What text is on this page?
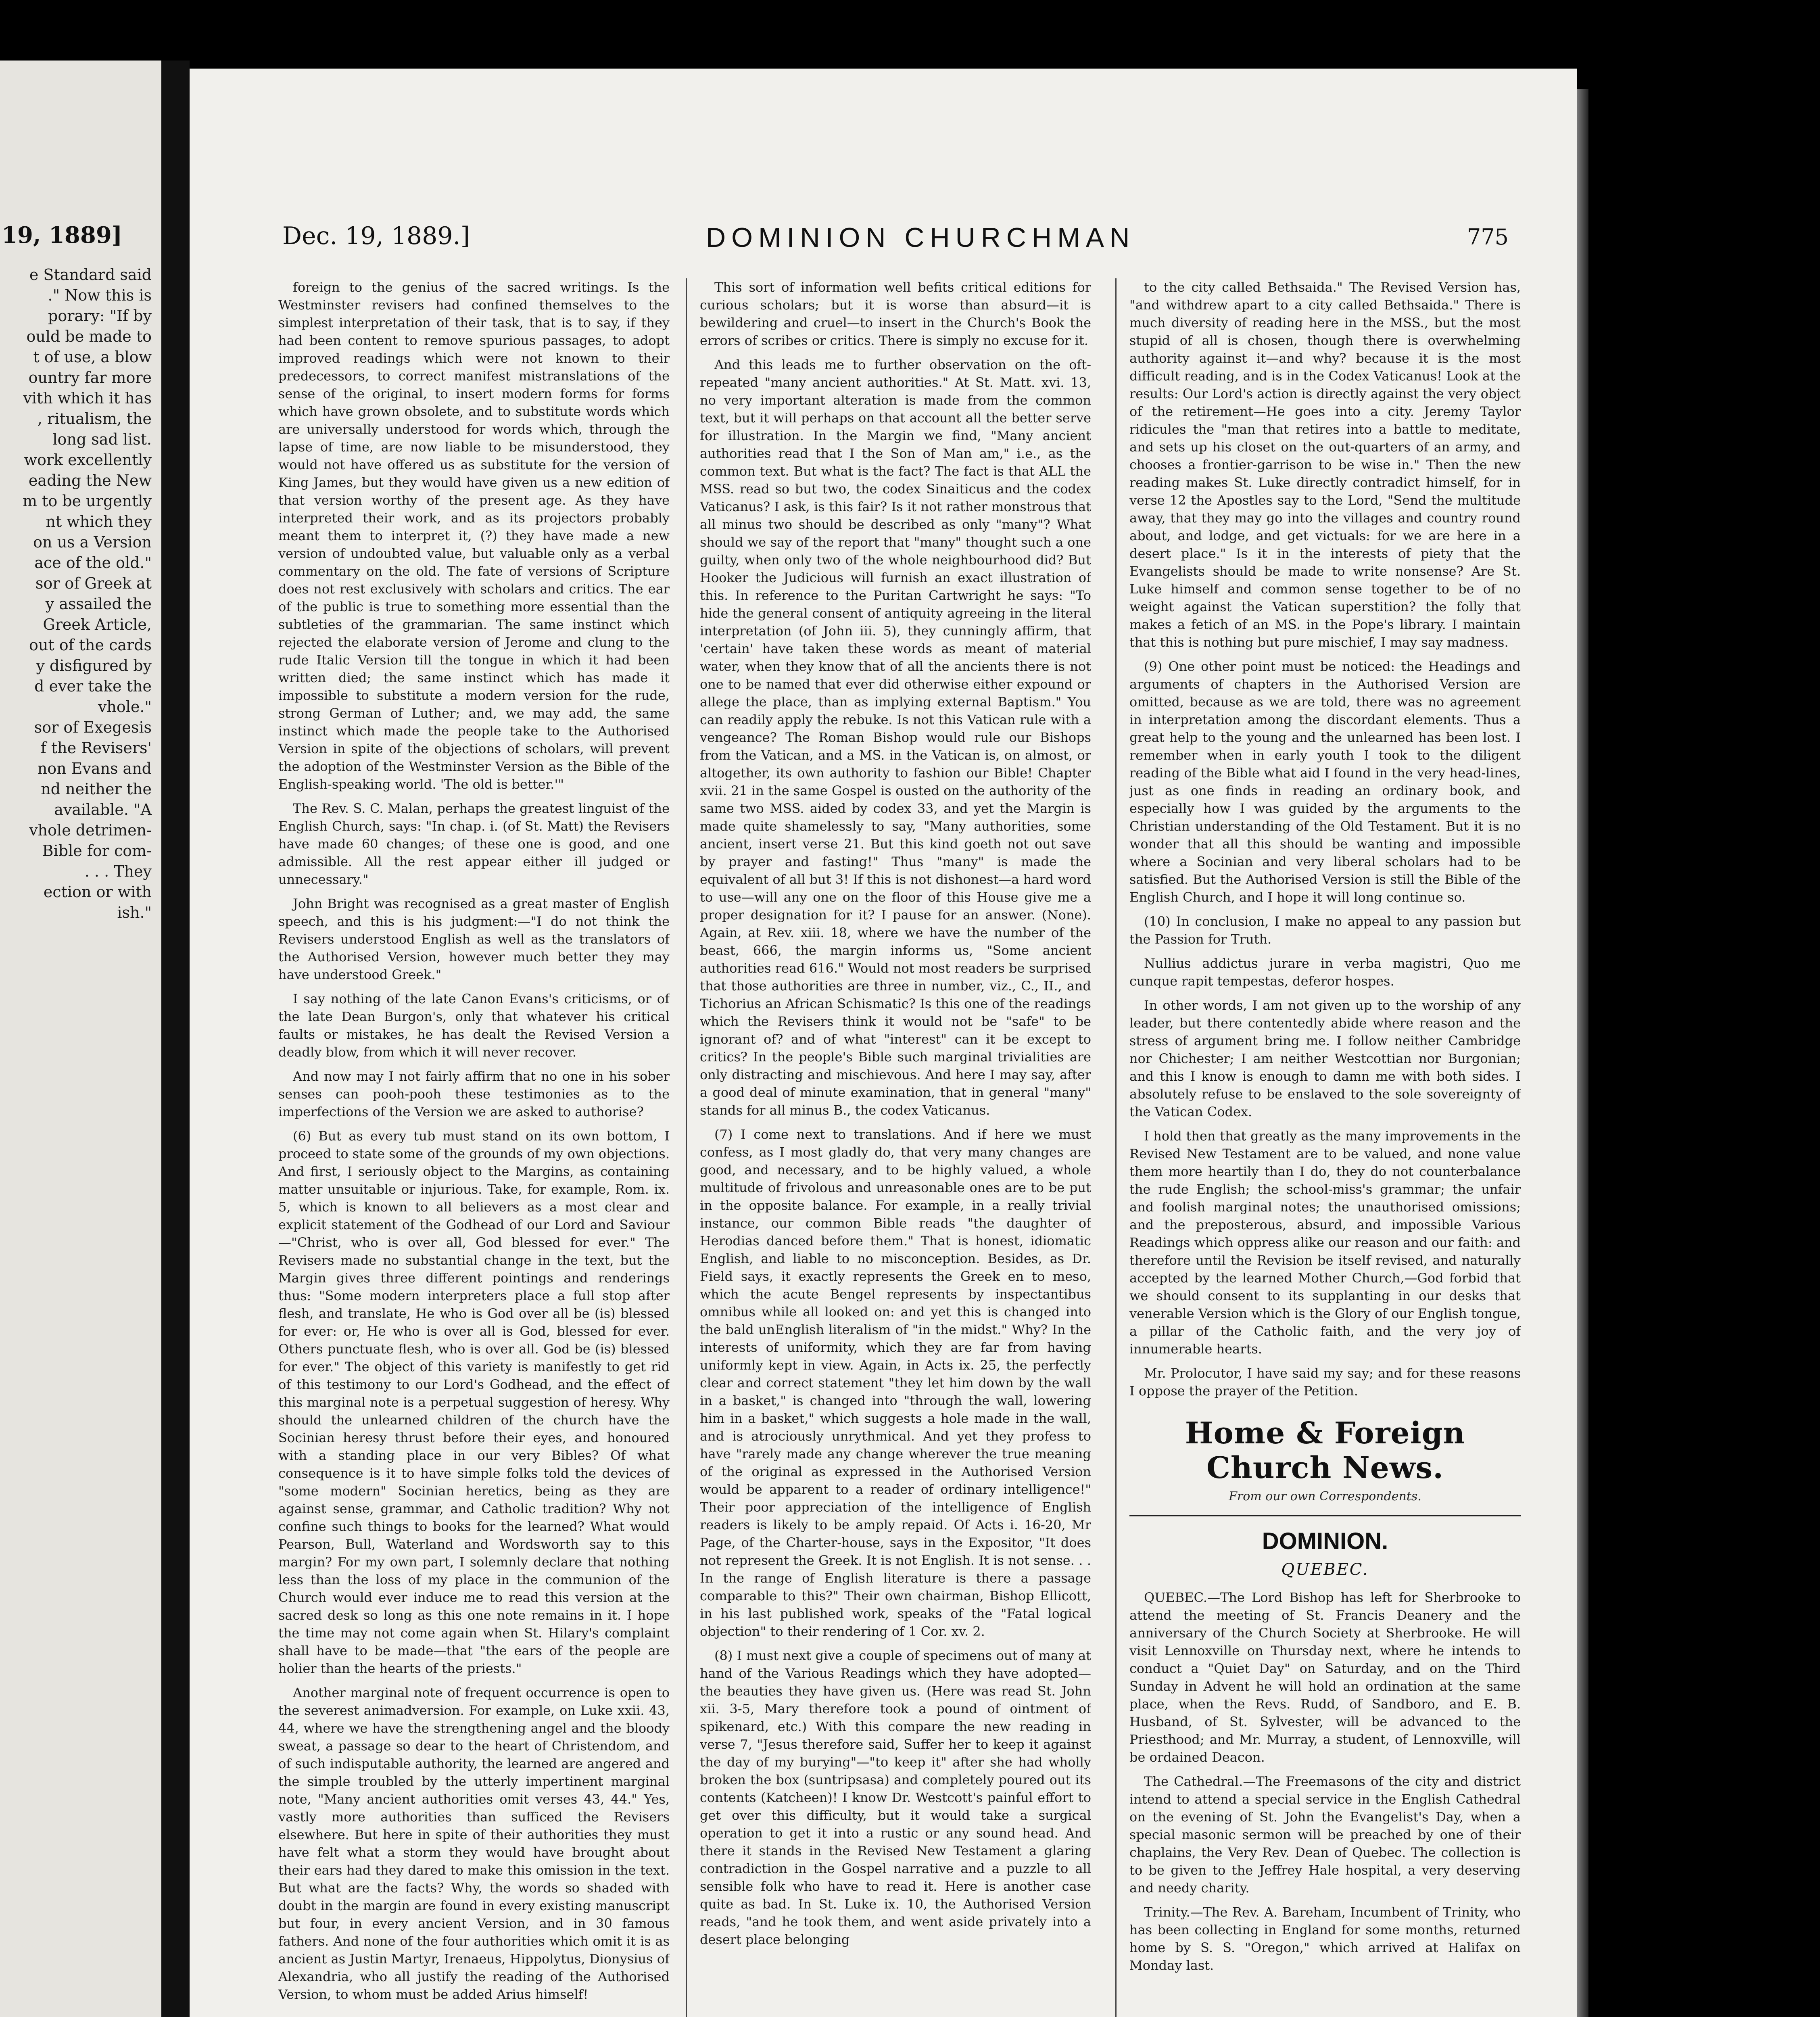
19, 1889]
e Standard said
." Now this is
porary: "If by
ould be made to
t of use, a blow
ountry far more
vith which it has
, ritualism, the
long sad list.
work excellently
eading the New
m to be urgently
nt which they
on us a Version
ace of the old."
sor of Greek at
y assailed the
Greek Article,
out of the cards
y disfigured by
d ever take the
vhole."
sor of Exegesis
f the Revisers'
non Evans and
nd neither the
available. "A
vhole detrimen-
Bible for com-
. . . They
ection or with
ish."
Dec. 19, 1889.]	DOMINION CHURCHMAN	775

foreign to the genius of the sacred writings. Is the Westminster revisers had confined themselves to the simplest interpretation of their task, that is to say, if they had been content to remove spurious passages, to adopt improved readings which were not known to their predecessors, to correct manifest mistranslations of the sense of the original, to insert modern forms for forms which have grown obsolete, and to substitute words which are universally understood for words which, through the lapse of time, are now liable to be misunderstood, they would not have offered us as substitute for the version of King James, but they would have given us a new edition of that version worthy of the present age. As they have interpreted their work, and as its projectors probably meant them to interpret it, (?) they have made a new version of undoubted value, but valuable only as a verbal commentary on the old. The fate of versions of Scripture does not rest exclusively with scholars and critics. The ear of the public is true to something more essential than the subtleties of the grammarian. The same instinct which rejected the elaborate version of Jerome and clung to the rude Italic Version till the tongue in which it had been written died; the same instinct which has made it impossible to substitute a modern version for the rude, strong German of Luther; and, we may add, the same instinct which made the people take to the Authorised Version in spite of the objections of scholars, will prevent the adoption of the Westminster Version as the Bible of the English-speaking world. 'The old is better.'"

The Rev. S. C. Malan, perhaps the greatest linguist of the English Church, says: "In chap. i. (of St. Matt) the Revisers have made 60 changes; of these one is good, and one admissible. All the rest appear either ill judged or unnecessary."

John Bright was recognised as a great master of English speech, and this is his judgment:—"I do not think the Revisers understood English as well as the translators of the Authorised Version, however much better they may have understood Greek."

I say nothing of the late Canon Evans's criticisms, or of the late Dean Burgon's, only that whatever his critical faults or mistakes, he has dealt the Revised Version a deadly blow, from which it will never recover.

And now may I not fairly affirm that no one in his sober senses can pooh-pooh these testimonies as to the imperfections of the Version we are asked to authorise?

(6) But as every tub must stand on its own bottom, I proceed to state some of the grounds of my own objections. And first, I seriously object to the Margins, as containing matter unsuitable or injurious. Take, for example, Rom. ix. 5, which is known to all believers as a most clear and explicit statement of the Godhead of our Lord and Saviour—"Christ, who is over all, God blessed for ever." The Revisers made no substantial change in the text, but the Margin gives three different pointings and renderings thus: "Some modern interpreters place a full stop after flesh, and translate, He who is God over all be (is) blessed for ever: or, He who is over all is God, blessed for ever. Others punctuate flesh, who is over all. God be (is) blessed for ever." The object of this variety is manifestly to get rid of this testimony to our Lord's Godhead, and the effect of this marginal note is a perpetual suggestion of heresy. Why should the unlearned children of the church have the Socinian heresy thrust before their eyes, and honoured with a standing place in our very Bibles? Of what consequence is it to have simple folks told the devices of "some modern" Socinian heretics, being as they are against sense, grammar, and Catholic tradition? Why not confine such things to books for the learned? What would Pearson, Bull, Waterland and Wordsworth say to this margin? For my own part, I solemnly declare that nothing less than the loss of my place in the communion of the Church would ever induce me to read this version at the sacred desk so long as this one note remains in it. I hope the time may not come again when St. Hilary's complaint shall have to be made—that "the ears of the people are holier than the hearts of the priests."

Another marginal note of frequent occurrence is open to the severest animadversion. For example, on Luke xxii. 43, 44, where we have the strengthening angel and the bloody sweat, a passage so dear to the heart of Christendom, and of such indisputable authority, the learned are angered and the simple troubled by the utterly impertinent marginal note, "Many ancient authorities omit verses 43, 44." Yes, vastly more authorities than sufficed the Revisers elsewhere. But here in spite of their authorities they must have felt what a storm they would have brought about their ears had they dared to make this omission in the text. But what are the facts? Why, the words so shaded with doubt in the margin are found in every existing manuscript but four, in every ancient Version, and in 30 famous fathers. And none of the four authorities which omit it is as ancient as Justin Martyr, Irenaeus, Hippolytus, Dionysius of Alexandria, who all justify the reading of the Authorised Version, to whom must be added Arius himself!

This sort of information well befits critical editions for curious scholars; but it is worse than absurd—it is bewildering and cruel—to insert in the Church's Book the errors of scribes or critics. There is simply no excuse for it.

And this leads me to further observation on the oft-repeated "many ancient authorities." At St. Matt. xvi. 13, no very important alteration is made from the common text, but it will perhaps on that account all the better serve for illustration. In the Margin we find, "Many ancient authorities read that I the Son of Man am," i.e., as the common text. But what is the fact? The fact is that ALL the MSS. read so but two, the codex Sinaiticus and the codex Vaticanus? I ask, is this fair? Is it not rather monstrous that all minus two should be described as only "many"? What should we say of the report that "many" thought such a one guilty, when only two of the whole neighbourhood did? But Hooker the Judicious will furnish an exact illustration of this. In reference to the Puritan Cartwright he says: "To hide the general consent of antiquity agreeing in the literal interpretation (of John iii. 5), they cunningly affirm, that 'certain' have taken these words as meant of material water, when they know that of all the ancients there is not one to be named that ever did otherwise either expound or allege the place, than as implying external Baptism." You can readily apply the rebuke. Is not this Vatican rule with a vengeance? The Roman Bishop would rule our Bishops from the Vatican, and a MS. in the Vatican is, on almost, or altogether, its own authority to fashion our Bible! Chapter xvii. 21 in the same Gospel is ousted on the authority of the same two MSS. aided by codex 33, and yet the Margin is made quite shamelessly to say, "Many authorities, some ancient, insert verse 21. But this kind goeth not out save by prayer and fasting!" Thus "many" is made the equivalent of all but 3! If this is not dishonest—a hard word to use—will any one on the floor of this House give me a proper designation for it? I pause for an answer. (None). Again, at Rev. xiii. 18, where we have the number of the beast, 666, the margin informs us, "Some ancient authorities read 616." Would not most readers be surprised that those authorities are three in number, viz., C., II., and Tichorius an African Schismatic? Is this one of the readings which the Revisers think it would not be "safe" to be ignorant of? and of what "interest" can it be except to critics? In the people's Bible such marginal trivialities are only distracting and mischievous. And here I may say, after a good deal of minute examination, that in general "many" stands for all minus B., the codex Vaticanus.

(7) I come next to translations. And if here we must confess, as I most gladly do, that very many changes are good, and necessary, and to be highly valued, a whole multitude of frivolous and unreasonable ones are to be put in the opposite balance. For example, in a really trivial instance, our common Bible reads "the daughter of Herodias danced before them." That is honest, idiomatic English, and liable to no misconception. Besides, as Dr. Field says, it exactly represents the Greek en to meso, which the acute Bengel represents by inspectantibus omnibus while all looked on: and yet this is changed into the bald unEnglish literalism of "in the midst." Why? In the interests of uniformity, which they are far from having uniformly kept in view. Again, in Acts ix. 25, the perfectly clear and correct statement "they let him down by the wall in a basket," is changed into "through the wall, lowering him in a basket," which suggests a hole made in the wall, and is atrociously unrythmical. And yet they profess to have "rarely made any change wherever the true meaning of the original as expressed in the Authorised Version would be apparent to a reader of ordinary intelligence!" Their poor appreciation of the intelligence of English readers is likely to be amply repaid. Of Acts i. 16-20, Mr Page, of the Charter-house, says in the Expositor, "It does not represent the Greek. It is not English. It is not sense. . . In the range of English literature is there a passage comparable to this?" Their own chairman, Bishop Ellicott, in his last published work, speaks of the "Fatal logical objection" to their rendering of 1 Cor. xv. 2.

(8) I must next give a couple of specimens out of many at hand of the Various Readings which they have adopted—the beauties they have given us. (Here was read St. John xii. 3-5, Mary therefore took a pound of ointment of spikenard, etc.) With this compare the new reading in verse 7, "Jesus therefore said, Suffer her to keep it against the day of my burying"—"to keep it" after she had wholly broken the box (suntripsasa) and completely poured out its contents (Katcheen)! I know Dr. Westcott's painful effort to get over this difficulty, but it would take a surgical operation to get it into a rustic or any sound head. And there it stands in the Revised New Testament a glaring contradiction in the Gospel narrative and a puzzle to all sensible folk who have to read it. Here is another case quite as bad. In St. Luke ix. 10, the Authorised Version reads, "and he took them, and went aside privately into a desert place belonging

to the city called Bethsaida." The Revised Version has, "and withdrew apart to a city called Bethsaida." There is much diversity of reading here in the MSS., but the most stupid of all is chosen, though there is overwhelming authority against it—and why? because it is the most difficult reading, and is in the Codex Vaticanus! Look at the results: Our Lord's action is directly against the very object of the retirement—He goes into a city. Jeremy Taylor ridicules the "man that retires into a battle to meditate, and sets up his closet on the out-quarters of an army, and chooses a frontier-garrison to be wise in." Then the new reading makes St. Luke directly contradict himself, for in verse 12 the Apostles say to the Lord, "Send the multitude away, that they may go into the villages and country round about, and lodge, and get victuals: for we are here in a desert place." Is it in the interests of piety that the Evangelists should be made to write nonsense? Are St. Luke himself and common sense together to be of no weight against the Vatican superstition? the folly that makes a fetich of an MS. in the Pope's library. I maintain that this is nothing but pure mischief, I may say madness.

(9) One other point must be noticed: the Headings and arguments of chapters in the Authorised Version are omitted, because as we are told, there was no agreement in interpretation among the discordant elements. Thus a great help to the young and the unlearned has been lost. I remember when in early youth I took to the diligent reading of the Bible what aid I found in the very head-lines, just as one finds in reading an ordinary book, and especially how I was guided by the arguments to the Christian understanding of the Old Testament. But it is no wonder that all this should be wanting and impossible where a Socinian and very liberal scholars had to be satisfied. But the Authorised Version is still the Bible of the English Church, and I hope it will long continue so.

(10) In conclusion, I make no appeal to any passion but the Passion for Truth.

Nullius addictus jurare in verba magistri, Quo me cunque rapit tempestas, deferor hospes.

In other words, I am not given up to the worship of any leader, but there contentedly abide where reason and the stress of argument bring me. I follow neither Cambridge nor Chichester; I am neither Westcottian nor Burgonian; and this I know is enough to damn me with both sides. I absolutely refuse to be enslaved to the sole sovereignty of the Vatican Codex.

I hold then that greatly as the many improvements in the Revised New Testament are to be valued, and none value them more heartily than I do, they do not counterbalance the rude English; the school-miss's grammar; the unfair and foolish marginal notes; the unauthorised omissions; and the preposterous, absurd, and impossible Various Readings which oppress alike our reason and our faith: and therefore until the Revision be itself revised, and naturally accepted by the learned Mother Church,—God forbid that we should consent to its supplanting in our desks that venerable Version which is the Glory of our English tongue, a pillar of the Catholic faith, and the very joy of innumerable hearts.

Mr. Prolocutor, I have said my say; and for these reasons I oppose the prayer of the Petition.

Home & Foreign Church News.
From our own Correspondents.
DOMINION.
QUEBEC.

QUEBEC.—The Lord Bishop has left for Sherbrooke to attend the meeting of St. Francis Deanery and the anniversary of the Church Society at Sherbrooke. He will visit Lennoxville on Thursday next, where he intends to conduct a "Quiet Day" on Saturday, and on the Third Sunday in Advent he will hold an ordination at the same place, when the Revs. Rudd, of Sandboro, and E. B. Husband, of St. Sylvester, will be advanced to the Priesthood; and Mr. Murray, a student, of Lennoxville, will be ordained Deacon.

The Cathedral.—The Freemasons of the city and district intend to attend a special service in the English Cathedral on the evening of St. John the Evangelist's Day, when a special masonic sermon will be preached by one of their chaplains, the Very Rev. Dean of Quebec. The collection is to be given to the Jeffrey Hale hospital, a very deserving and needy charity.

Trinity.—The Rev. A. Bareham, Incumbent of Trinity, who has been collecting in England for some months, returned home by S. S. "Oregon," which arrived at Halifax on Monday last.
